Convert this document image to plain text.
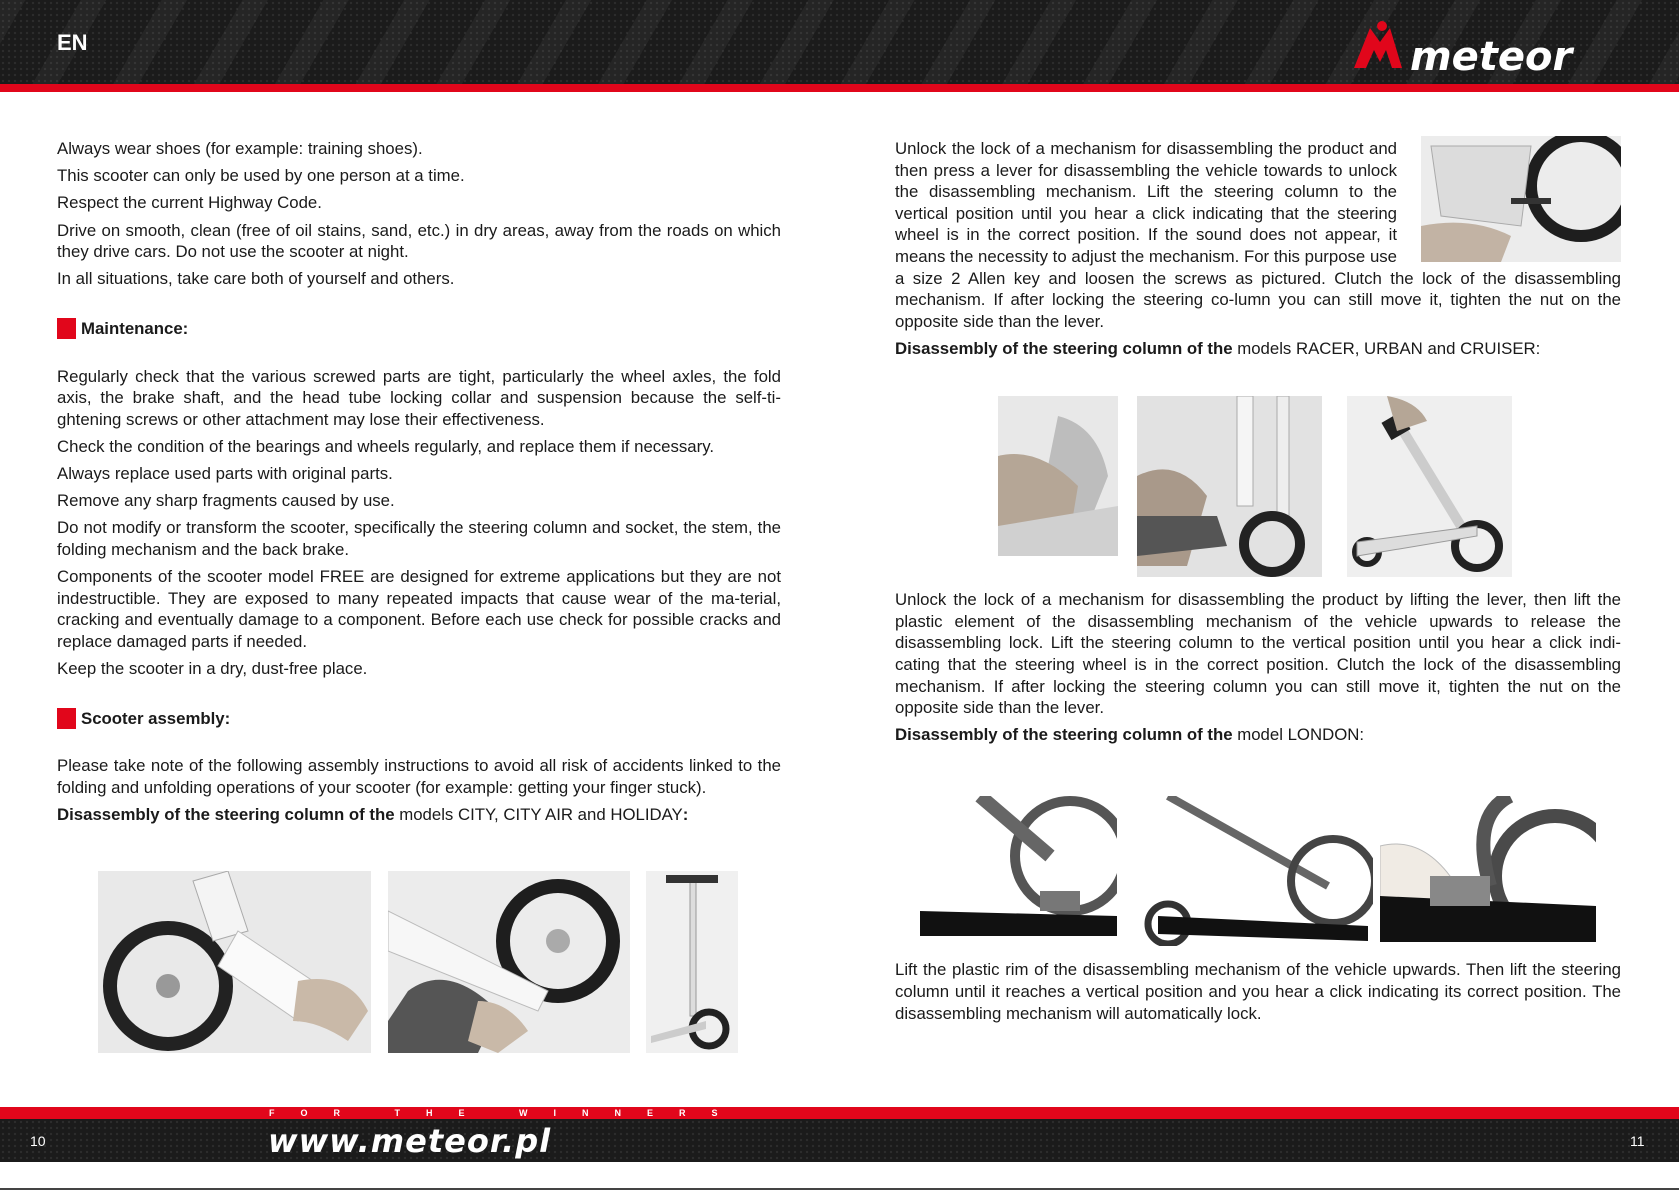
EN	meteor

Always wear shoes (for example: training shoes).

This scooter can only be used by one person at a time.

Respect the current Highway Code.

Drive on smooth, clean (free of oil stains, sand, etc.) in dry areas, away from the roads on which they drive cars. Do not use the scooter at night.

In all situations, take care both of yourself and others.

Maintenance:

Regularly check that the various screwed parts are tight, particularly the wheel axles, the fold axis, the brake shaft, and the head tube locking collar and suspension because the self-ti-ghtening screws or other attachment may lose their effectiveness.

Check the condition of the bearings and wheels regularly, and replace them if necessary.

Always replace used parts with original parts.

Remove any sharp fragments caused by use.

Do not modify or transform the scooter, specifically the steering column and socket, the stem, the folding mechanism and the back brake.

Components of the scooter model FREE are designed for extreme applications but they are not indestructible. They are exposed to many repeated impacts that cause wear of the ma-terial, cracking and eventually damage to a component. Before each use check for possible cracks and replace damaged parts if needed.

Keep the scooter in a dry, dust-free place.

Scooter assembly:

Please take note of the following assembly instructions to avoid all risk of accidents linked to the folding and unfolding operations of your scooter (for example: getting your finger stuck).

Disassembly of the steering column of the models CITY, CITY AIR and HOLIDAY:

Unlock the lock of a mechanism for disassembling the product and then press a lever for disassembling the vehicle towards to unlock the disassembling mechanism. Lift the steering column to the vertical position until you hear a click indicating that the steering wheel is in the correct position. If the sound does not appear, it means the necessity to adjust the mechanism. For this purpose use a size 2 Allen key and loosen the screws as pictured. Clutch the lock of the disassembling mechanism. If after locking the steering co-lumn you can still move it, tighten the nut on the opposite side than the lever.

Disassembly of the steering column of the models RACER, URBAN and CRUISER:

Unlock the lock of a mechanism for disassembling the product by lifting the lever, then lift the plastic element of the disassembling mechanism of the vehicle upwards to release the disassembling lock. Lift the steering column to the vertical position until you hear a click indi-cating that the steering wheel is in the correct position. Clutch the lock of the disassembling mechanism. If after locking the steering column you can still move it, tighten the nut on the opposite side than the lever.

Disassembly of the steering column of the model LONDON:

Lift the plastic rim of the disassembling mechanism of the vehicle upwards. Then lift the steering column until it reaches a vertical position and you hear a click indicating its correct position. The disassembling mechanism will automatically lock.

FOR THE WINNERS
10	11
www.meteor.pl
